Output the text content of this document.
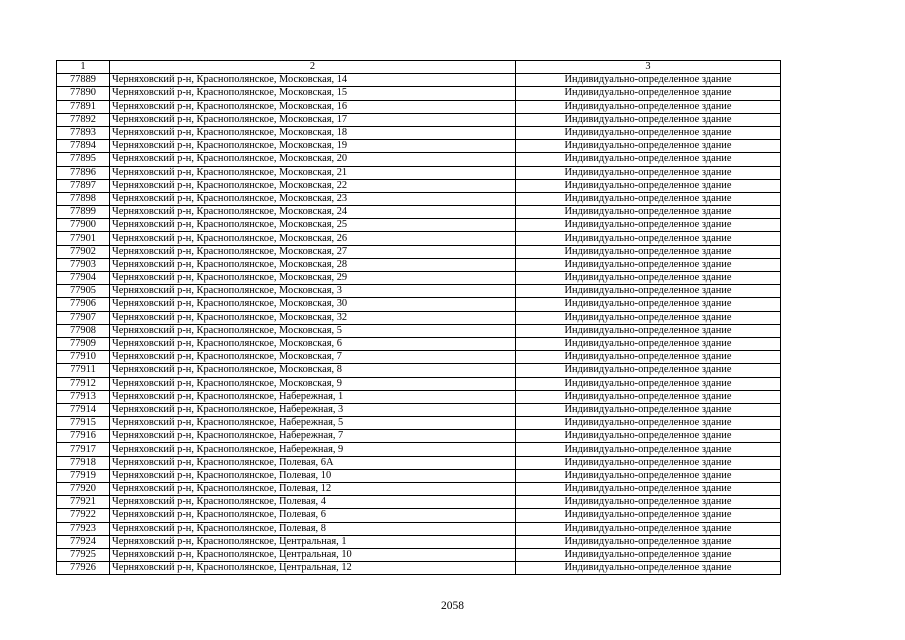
1	2	3
77889	Черняховский р-н, Краснополянское, Московская, 14	Индивидуально-определенное здание
77890	Черняховский р-н, Краснополянское, Московская, 15	Индивидуально-определенное здание
77891	Черняховский р-н, Краснополянское, Московская, 16	Индивидуально-определенное здание
77892	Черняховский р-н, Краснополянское, Московская, 17	Индивидуально-определенное здание
77893	Черняховский р-н, Краснополянское, Московская, 18	Индивидуально-определенное здание
77894	Черняховский р-н, Краснополянское, Московская, 19	Индивидуально-определенное здание
77895	Черняховский р-н, Краснополянское, Московская, 20	Индивидуально-определенное здание
77896	Черняховский р-н, Краснополянское, Московская, 21	Индивидуально-определенное здание
77897	Черняховский р-н, Краснополянское, Московская, 22	Индивидуально-определенное здание
77898	Черняховский р-н, Краснополянское, Московская, 23	Индивидуально-определенное здание
77899	Черняховский р-н, Краснополянское, Московская, 24	Индивидуально-определенное здание
77900	Черняховский р-н, Краснополянское, Московская, 25	Индивидуально-определенное здание
77901	Черняховский р-н, Краснополянское, Московская, 26	Индивидуально-определенное здание
77902	Черняховский р-н, Краснополянское, Московская, 27	Индивидуально-определенное здание
77903	Черняховский р-н, Краснополянское, Московская, 28	Индивидуально-определенное здание
77904	Черняховский р-н, Краснополянское, Московская, 29	Индивидуально-определенное здание
77905	Черняховский р-н, Краснополянское, Московская, 3	Индивидуально-определенное здание
77906	Черняховский р-н, Краснополянское, Московская, 30	Индивидуально-определенное здание
77907	Черняховский р-н, Краснополянское, Московская, 32	Индивидуально-определенное здание
77908	Черняховский р-н, Краснополянское, Московская, 5	Индивидуально-определенное здание
77909	Черняховский р-н, Краснополянское, Московская, 6	Индивидуально-определенное здание
77910	Черняховский р-н, Краснополянское, Московская, 7	Индивидуально-определенное здание
77911	Черняховский р-н, Краснополянское, Московская, 8	Индивидуально-определенное здание
77912	Черняховский р-н, Краснополянское, Московская, 9	Индивидуально-определенное здание
77913	Черняховский р-н, Краснополянское, Набережная, 1	Индивидуально-определенное здание
77914	Черняховский р-н, Краснополянское, Набережная, 3	Индивидуально-определенное здание
77915	Черняховский р-н, Краснополянское, Набережная, 5	Индивидуально-определенное здание
77916	Черняховский р-н, Краснополянское, Набережная, 7	Индивидуально-определенное здание
77917	Черняховский р-н, Краснополянское, Набережная, 9	Индивидуально-определенное здание
77918	Черняховский р-н, Краснополянское, Полевая, 6А	Индивидуально-определенное здание
77919	Черняховский р-н, Краснополянское, Полевая, 10	Индивидуально-определенное здание
77920	Черняховский р-н, Краснополянское, Полевая, 12	Индивидуально-определенное здание
77921	Черняховский р-н, Краснополянское, Полевая, 4	Индивидуально-определенное здание
77922	Черняховский р-н, Краснополянское, Полевая, 6	Индивидуально-определенное здание
77923	Черняховский р-н, Краснополянское, Полевая, 8	Индивидуально-определенное здание
77924	Черняховский р-н, Краснополянское, Центральная, 1	Индивидуально-определенное здание
77925	Черняховский р-н, Краснополянское, Центральная, 10	Индивидуально-определенное здание
77926	Черняховский р-н, Краснополянское, Центральная, 12	Индивидуально-определенное здание
2058
